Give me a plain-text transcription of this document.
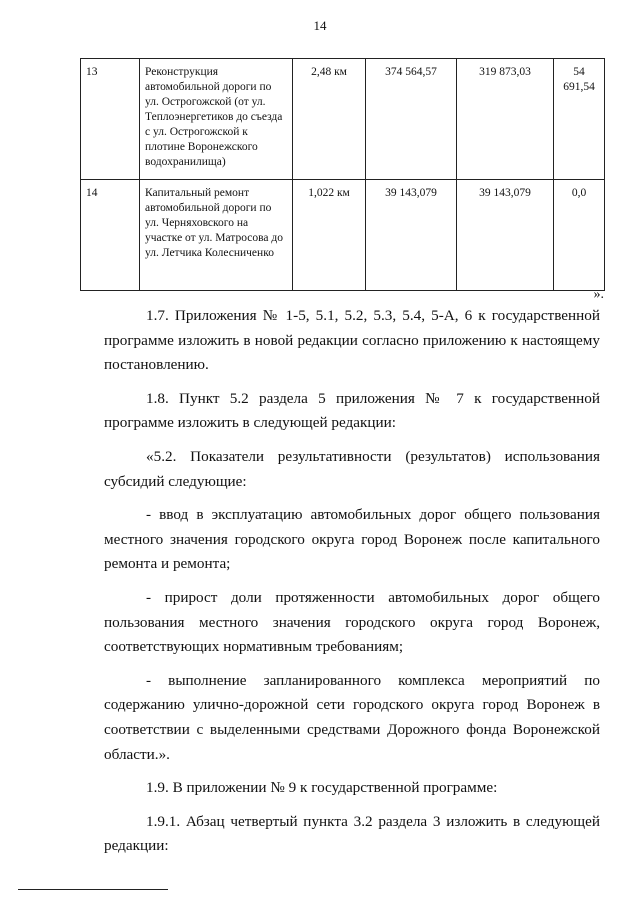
14
13	Реконструкция автомобильной дороги по ул. Острогожской (от ул. Теплоэнергетиков до съезда с ул. Острогожской к плотине Воронежского водохранилища)	2,48 км	374 564,57	319 873,03	54 691,54
14	Капитальный ремонт автомобильной дороги по ул. Черняховского на участке от ул. Матросова до ул. Летчика Колесниченко	1,022 км	39 143,079	39 143,079	0,0
».

1.7. Приложения № 1-5, 5.1, 5.2, 5.3, 5.4, 5-А, 6 к государственной программе изложить в новой редакции согласно приложению к настоящему постановлению.

1.8. Пункт 5.2 раздела 5 приложения № 7 к государственной программе изложить в следующей редакции:

«5.2. Показатели результативности (результатов) использования субсидий следующие:

- ввод в эксплуатацию автомобильных дорог общего пользования местного значения городского округа город Воронеж после капитального ремонта и ремонта;

- прирост доли протяженности автомобильных дорог общего пользования местного значения городского округа город Воронеж, соответствующих нормативным требованиям;

- выполнение запланированного комплекса мероприятий по содержанию улично-дорожной сети городского округа город Воронеж в соответствии с выделенными средствами Дорожного фонда Воронежской области.».

1.9. В приложении № 9 к государственной программе:

1.9.1. Абзац четвертый пункта 3.2 раздела 3 изложить в следующей редакции:
